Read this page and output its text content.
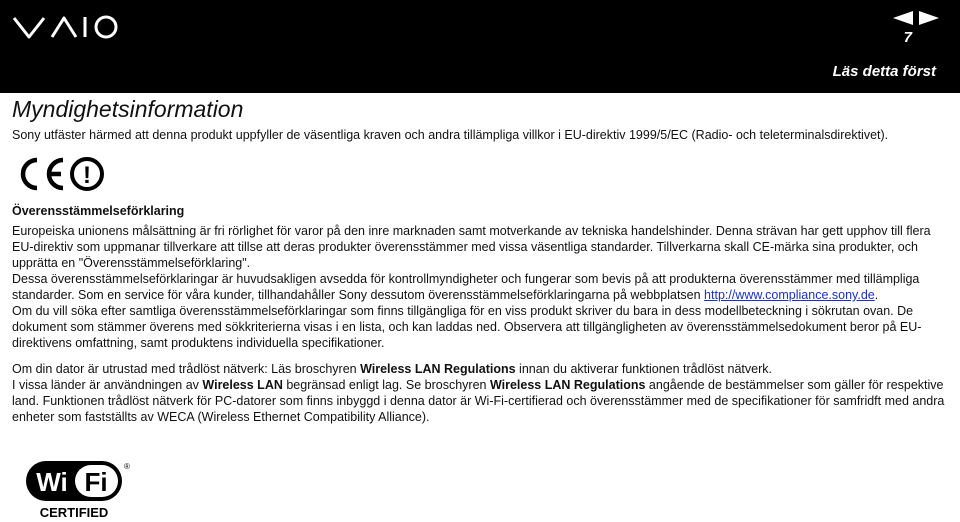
7
Läs detta först
Myndighetsinformation

Sony utfäster härmed att denna produkt uppfyller de väsentliga kraven och andra tillämpliga villkor i EU-direktiv 1999/5/EC (Radio- och teleterminalsdirektivet).

!
Överensstämmelseförklaring

Europeiska unionens målsättning är fri rörlighet för varor på den inre marknaden samt motverkande av tekniska handelshinder. Denna strävan har gett upphov till flera EU-direktiv som uppmanar tillverkare att tillse att deras produkter överensstämmer med vissa väsentliga standarder. Tillverkarna skall CE-märka sina produkter, och upprätta en "Överensstämmelseförklaring".

Dessa överensstämmelseförklaringar är huvudsakligen avsedda för kontrollmyndigheter och fungerar som bevis på att produkterna överensstämmer med tillämpliga standarder. Som en service för våra kunder, tillhandahåller Sony dessutom överensstämmelseförklaringarna på webbplatsen http://www.compliance.sony.de.

Om du vill söka efter samtliga överensstämmelseförklaringar som finns tillgängliga för en viss produkt skriver du bara in dess modellbeteckning i sökrutan ovan. De dokument som stämmer överens med sökkriterierna visas i en lista, och kan laddas ned. Observera att tillgängligheten av överensstämmelsedokument beror på EU-direktivens omfattning, samt produktens individuella specifikationer.

Om din dator är utrustad med trådlöst nätverk: Läs broschyren Wireless LAN Regulations innan du aktiverar funktionen trådlöst nätverk.

I vissa länder är användningen av Wireless LAN begränsad enligt lag. Se broschyren Wireless LAN Regulations angående de bestämmelser som gäller för respektive land. Funktionen trådlöst nätverk för PC-datorer som finns inbyggd i denna dator är Wi-Fi-certifierad och överensstämmer med de specifikationer för samfridft med andra enheter som fastställts av WECA (Wireless Ethernet Compatibility Alliance).

Wi Fi
®
CERTIFIED
